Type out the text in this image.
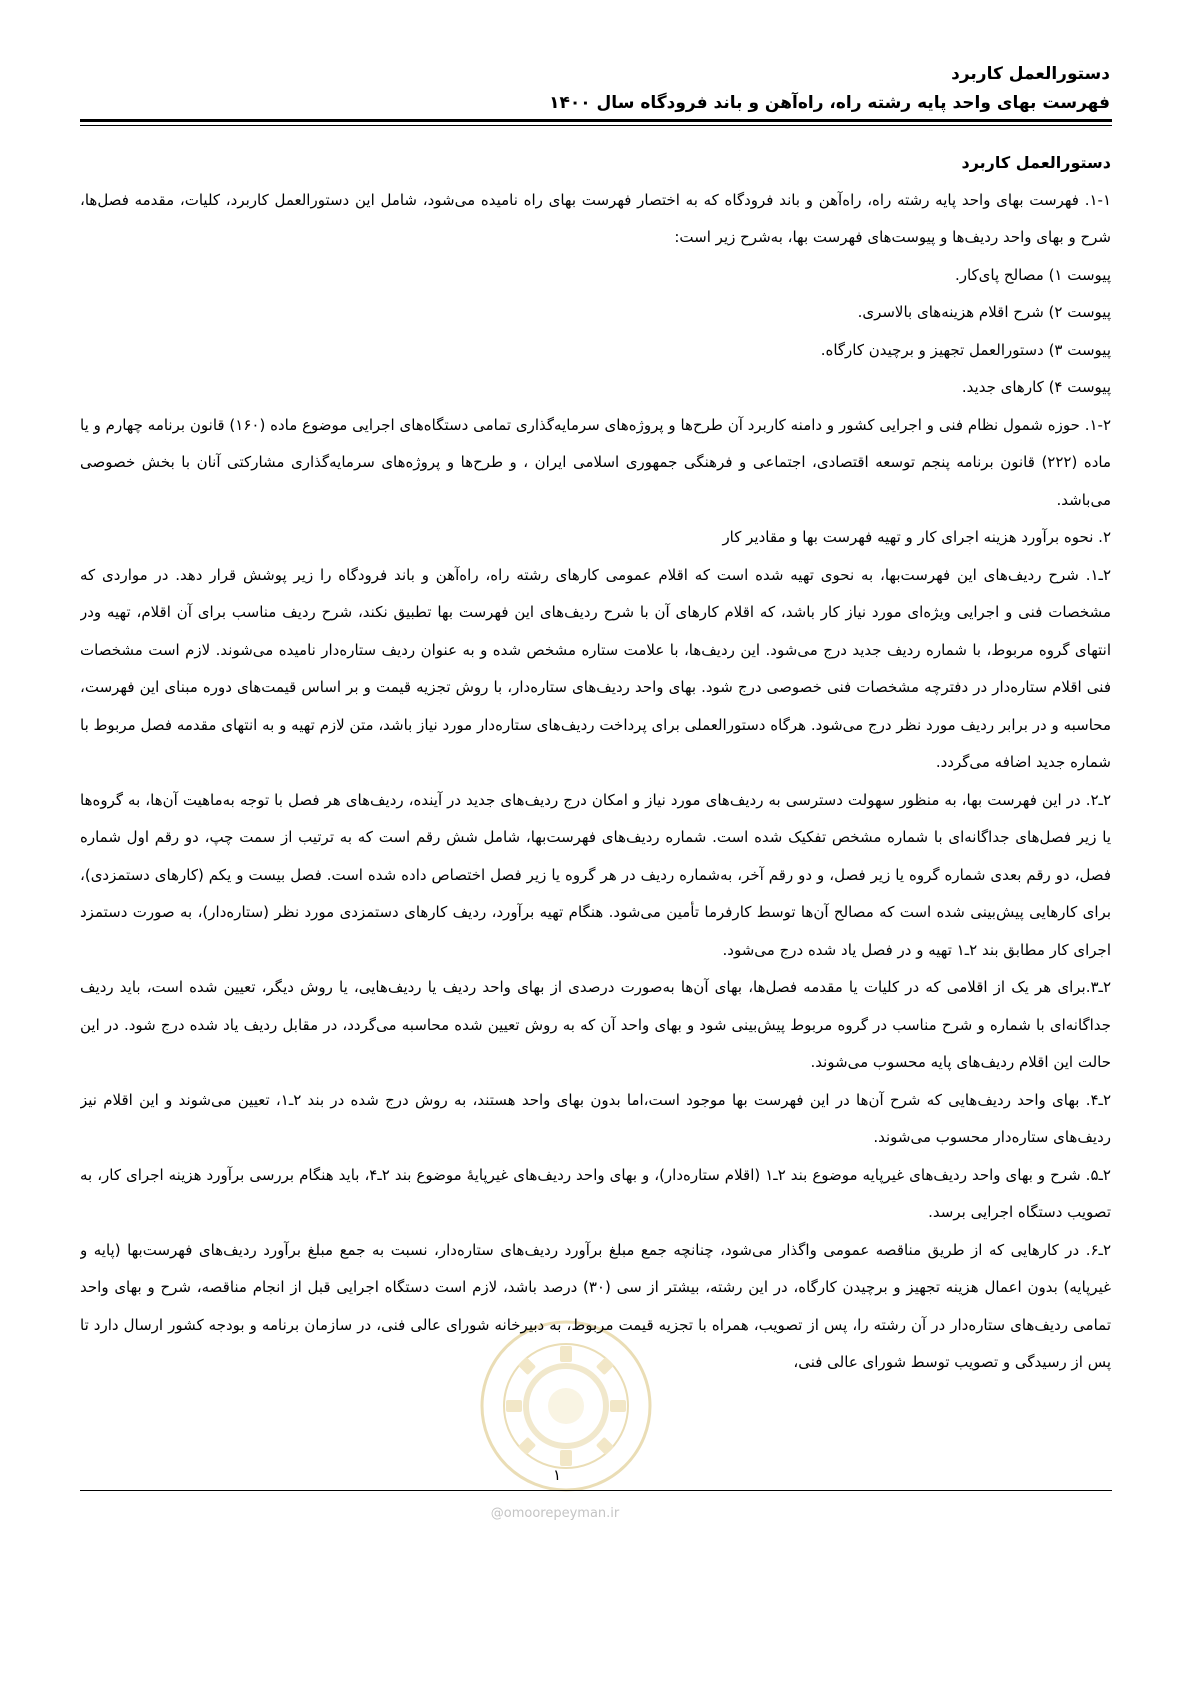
دستورالعمل کاربرد

فهرست بهای واحد پایه رشته راه، راه‌آهن و باند فرودگاه سال ۱۴۰۰

دستورالعمل کاربرد

۱-۱. فهرست بهای واحد پایه رشته راه، راه‌آهن و باند فرودگاه که به اختصار فهرست بهای راه نامیده می‌شود، شامل این دستورالعمل کاربرد، کلیات، مقدمه فصل‌ها، شرح و بهای واحد ردیف‌ها و پیوست‌های فهرست بها، به‌شرح زیر است:

پیوست ۱) مصالح پای‌کار.

پیوست ۲) شرح اقلام هزینه‌های بالاسری.

پیوست ۳) دستورالعمل تجهیز و برچیدن کارگاه.

پیوست ۴) کارهای جدید.

۱-۲. حوزه شمول نظام فنی و اجرایی کشور و دامنه کاربرد آن طرح‌ها و پروژه‌های سرمایه‌گذاری تمامی دستگاه‌های اجرایی موضوع ماده (۱۶۰) قانون برنامه چهارم و یا ماده (۲۲۲) قانون برنامه پنجم توسعه اقتصادی، اجتماعی و فرهنگی جمهوری اسلامی ایران ، و طرح‌ها و پروژه‌های سرمایه‌گذاری مشارکتی آنان با بخش خصوصی می‌باشد.

۲. نحوه برآورد هزینه اجرای کار و تهیه فهرست بها و مقادیر کار

۲ـ۱. شرح ردیف‌های این فهرست‌بها، به نحوی تهیه شده است که اقلام عمومی کارهای رشته راه، راه‌آهن و باند فرودگاه را زیر پوشش قرار دهد. در مواردی که مشخصات فنی و اجرایی ویژه‌ای مورد نیاز کار باشد، که اقلام کارهای آن با شرح ردیف‌های این فهرست بها تطبیق نکند، شرح ردیف مناسب برای آن اقلام، تهیه ودر انتهای گروه مربوط، با شماره ردیف جدید درج می‌شود. این ردیف‌ها، با علامت ستاره مشخص شده و به عنوان ردیف ستاره‌دار نامیده می‌شوند. لازم است مشخصات فنی اقلام ستاره‌دار در دفترچه مشخصات فنی خصوصی درج شود. بهای واحد ردیف‌های ستاره‌دار، با روش تجزیه قیمت و بر اساس قیمت‌های دوره مبنای این فهرست، محاسبه و در برابر ردیف مورد نظر درج می‌شود. هرگاه دستورالعملی برای پرداخت ردیف‌های ستاره‌دار مورد نیاز باشد، متن لازم تهیه و به انتهای مقدمه فصل مربوط با شماره جدید اضافه می‌گردد.

۲ـ۲. در این فهرست بها، به منظور سهولت دسترسی به ردیف‌های مورد نیاز و امکان درج ردیف‌های جدید در آینده، ردیف‌های هر فصل با توجه به‌ماهیت آن‌ها، به گروه‌ها یا زیر فصل‌های جداگانه‌ای با شماره مشخص تفکیک شده است. شماره ردیف‌های فهرست‌بها، شامل شش رقم است که به ترتیب از سمت چپ، دو رقم اول شماره فصل، دو رقم بعدی شماره گروه یا زیر فصل، و دو رقم آخر، به‌شماره ردیف در هر گروه یا زیر فصل اختصاص داده شده است. فصل بیست و یکم (کارهای دستمزدی)، برای کارهایی پیش‌بینی شده است که مصالح آن‌ها توسط کارفرما تأمین می‌شود. هنگام تهیه برآورد، ردیف کارهای دستمزدی مورد نظر (ستاره‌دار)، به صورت دستمزد اجرای کار مطابق بند ۲ـ۱ تهیه و در فصل یاد شده درج می‌شود.

۲ـ۳.برای هر یک از اقلامی که در کلیات یا مقدمه فصل‌ها، بهای آن‌ها به‌صورت درصدی از بهای واحد ردیف یا ردیف‌هایی، یا روش دیگر، تعیین شده است، باید ردیف جداگانه‌ای با شماره و شرح مناسب در گروه مربوط پیش‌بینی شود و بهای واحد آن که به روش تعیین شده محاسبه می‌گردد، در مقابل ردیف یاد شده درج شود. در این حالت این اقلام ردیف‌های پایه محسوب می‌شوند.

۲ـ۴. بهای واحد ردیف‌هایی که شرح آن‌ها در این فهرست بها موجود است،اما بدون بهای واحد هستند، به روش درج شده در بند ۲ـ۱، تعیین می‌شوند و این اقلام نیز ردیف‌های ستاره‌دار محسوب می‌شوند.

۲ـ۵. شرح و بهای واحد ردیف‌های غیرپایه موضوع بند ۲ـ۱ (اقلام ستاره‌دار)، و بهای واحد ردیف‌های غیرپایهٔ موضوع بند ۲ـ۴، باید هنگام بررسی برآورد هزینه اجرای کار، به تصویب دستگاه اجرایی برسد.

۲ـ۶. در کارهایی که از طریق مناقصه عمومی واگذار می‌شود، چنانچه جمع مبلغ برآورد ردیف‌های ستاره‌دار، نسبت به جمع مبلغ برآورد ردیف‌های فهرست‌بها (پایه و غیرپایه) بدون اعمال هزینه تجهیز و برچیدن کارگاه، در این رشته، بیشتر از سی (۳۰) درصد باشد، لازم است دستگاه اجرایی قبل از انجام مناقصه، شرح و بهای واحد تمامی ردیف‌های ستاره‌دار در آن رشته را، پس از تصویب، همراه با تجزیه قیمت مربوط، به دبیرخانه شورای عالی فنی، در سازمان برنامه و بودجه کشور ارسال دارد تا پس از رسیدگی و تصویب توسط شورای عالی فنی،

۱
@omoorepeyman.ir
